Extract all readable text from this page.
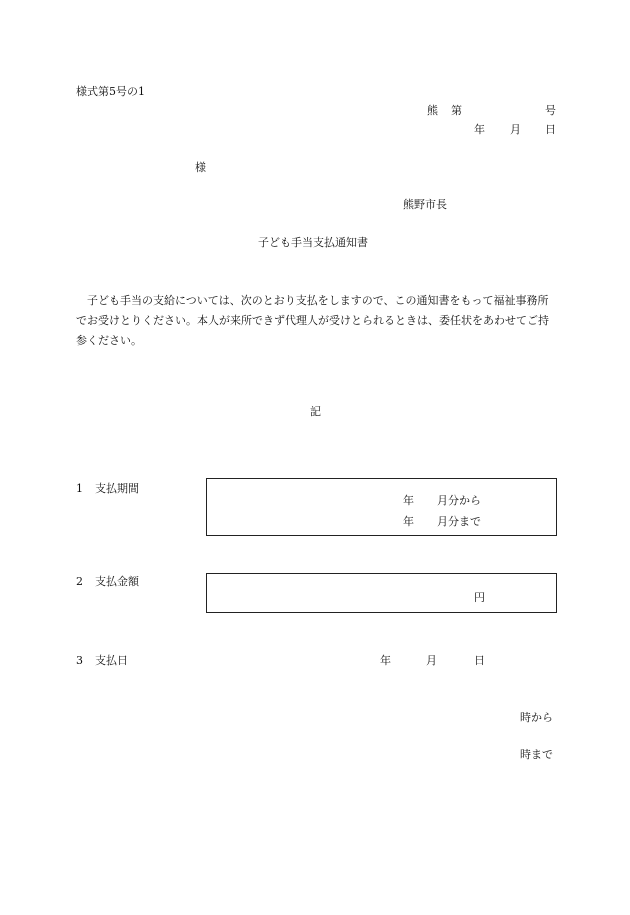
様式第5号の1
熊 第	号
年 月 日
様
熊野市長
子ども手当支払通知書
子ども手当の支給については、次のとおり支払をしますので、この通知書をもって福祉事務所でお受けとりください。本人が来所できず代理人が受けとられるときは、委任状をあわせてご持参ください。
記
1 支払期間
年 月分から
年 月分まで
2 支払金額
円
3 支払日	年	月	日
時から
時まで
